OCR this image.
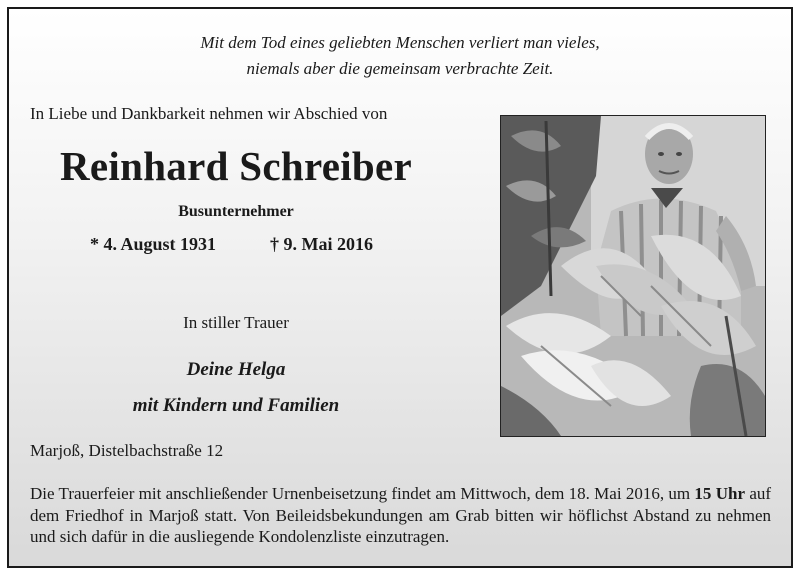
Mit dem Tod eines geliebten Menschen verliert man vieles,
niemals aber die gemeinsam verbrachte Zeit.
In Liebe und Dankbarkeit nehmen wir Abschied von
Reinhard Schreiber
Busunternehmer
* 4. August 1931	† 9. Mai 2016
In stiller Trauer
Deine Helga
mit Kindern und Familien
Marjoß, Distelbachstraße 12
Die Trauerfeier mit anschließender Urnenbeisetzung findet am Mittwoch, dem 18. Mai 2016, um 15 Uhr auf dem Friedhof in Marjoß statt. Von Beileidsbekundungen am Grab bitten wir höflichst Abstand zu nehmen und sich dafür in die ausliegende Kondolenzliste einzutragen.
